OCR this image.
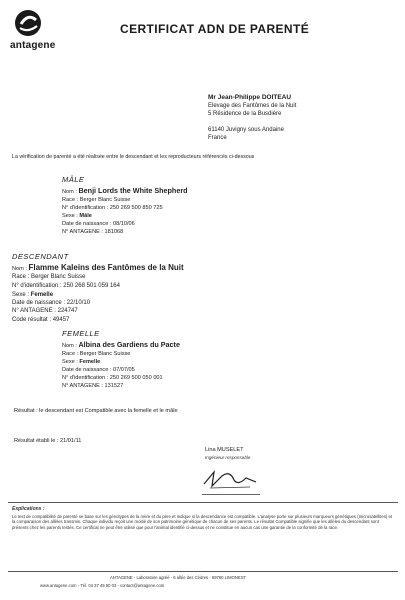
antagene
CERTIFICAT ADN DE PARENTÉ
Mr Jean-Philippe DOITEAU
Elevage des Fantômes de la Nuit
5 Résidence de la Busdière
61140 Juvigny sous Andaine
France
La vérification de parenté a été réalisée entre le descendant et les reproducteurs référencés ci-dessous
MÂLE
Nom : Benji Lords the White Shepherd
Race : Berger Blanc Suisse
N° d'identification : 250 269 500 850 725
Sexe : Mâle
Date de naissance : 08/10/06
N° ANTAGENE : 181068
DESCENDANT
Nom : Flamme Kaleins des Fantômes de la Nuit
Race : Berger Blanc Suisse
N° d'identification : 250 268 501 059 164
Sexe : Femelle
Date de naissance : 22/10/10
N° ANTAGENE : 224747
Code résultat : 49457
FEMELLE
Nom : Albina des Gardiens du Pacte
Race : Berger Blanc Suisse
Sexe : Femelle
Date de naissance : 07/07/05
N° d'identification : 250 269 500 050 001
N° ANTAGENE : 131527
Résultat : le descendant est Compatible avec la femelle et le mâle
Résultat établi le : 21/01/11
Lina MUSELET
Ingénieur responsable
Explications :
Le test de compatibilité de parenté se base sur les génotypes de la mère et du père et indique si la descendance est compatible. L'analyse porte sur plusieurs marqueurs génétiques (microsatellites) et la comparaison des allèles transmis. Chaque individu reçoit une moitié de son patrimoine génétique de chacun de ses parents. Le résultat Compatible signifie que les allèles du descendant sont présents chez les parents testés. Ce certificat ne peut être utilisé que pour l'animal identifié ci-dessus et ne constitue en aucun cas une garantie de la conformité de la race.
ANTAGENE - Laboratoire agréé - 6 allée des Cèdres - 69760 LIMONEST
www.antagene.com - Tél. 04 37 49 90 03 - contact@antagene.com
